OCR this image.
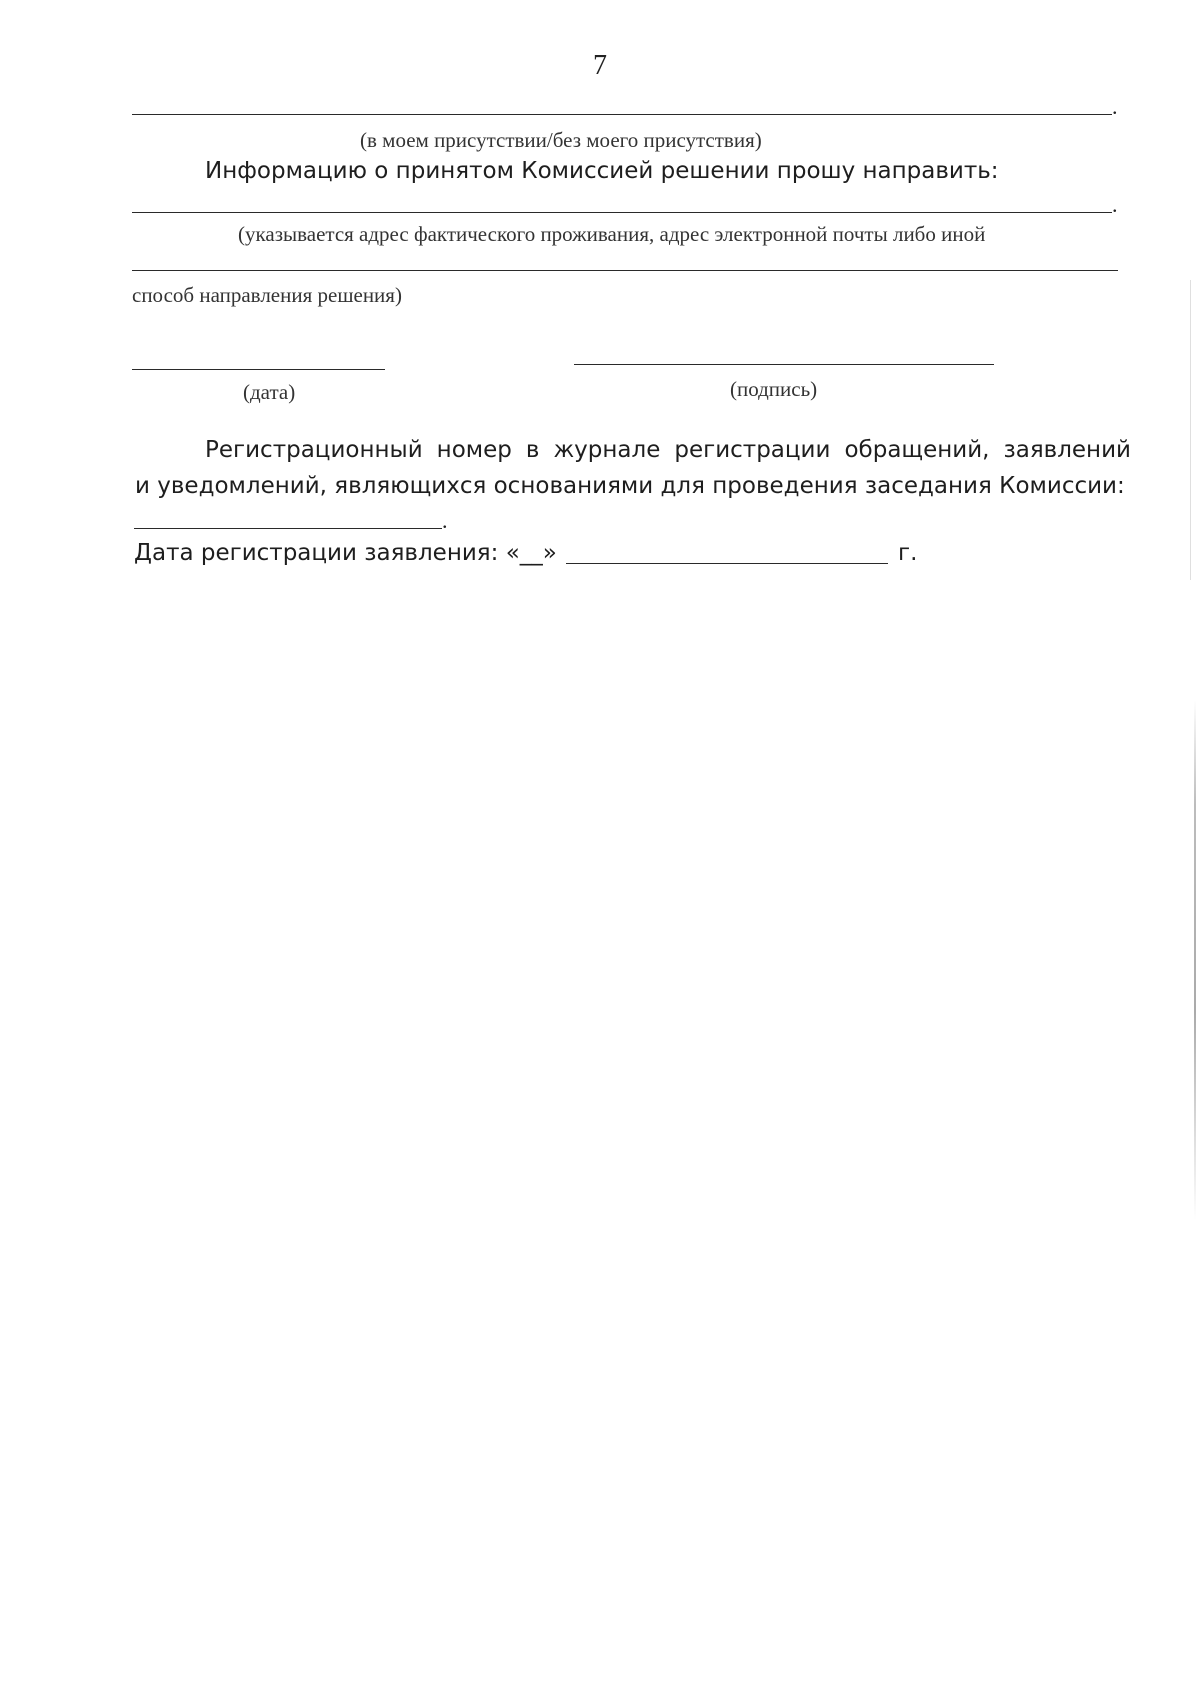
7
.
(в моем присутствии/без моего присутствия)
Информацию о принятом Комиссией решении прошу направить:
.
(указывается адрес фактического проживания, адрес электронной почты либо иной
способ направления решения)
(дата)	(подпись)
Регистрационный номер в журнале регистрации обращений, заявлений
и уведомлений, являющихся основаниями для проведения заседания Комиссии:
.
Дата регистрации заявления: «__»	г.
